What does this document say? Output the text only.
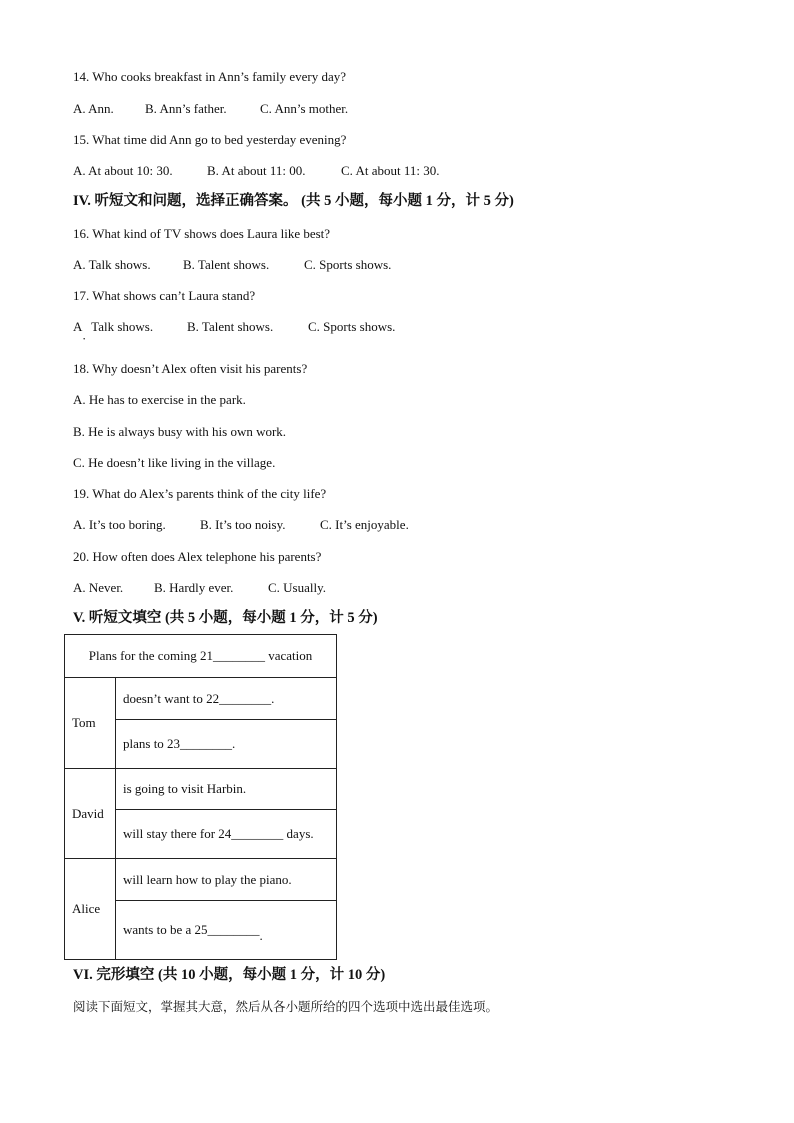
14. Who cooks breakfast in Ann’s family every day?

A. Ann.

B. Ann’s father.

	C. Ann’s mother.

15. What time did Ann go to bed yesterday evening?

A. At about 10: 30.

	B. At about 11: 00.

	C. At about 11: 30.

IV. 听短文和问题，选择正确答案。 (共 5 小题，每小题 1 分，计 5 分)
16. What kind of TV shows does Laura like best?

A. Talk shows.

B. Talent shows.

	C. Sports shows.

17. What shows can’t Laura stand?

A   Talk shows.

	B. Talent shows.

	C. Sports shows.

·
18. Why doesn’t Alex often visit his parents?
A. He has to exercise in the park.
B. He is always busy with his own work.
C. He doesn’t like living in the village.
19. What do Alex’s parents think of the city life?

A. It’s too boring.

	B. It’s too noisy.

	C. It’s enjoyable.

20. How often does Alex telephone his parents?

A. Never.

B. Hardly ever.

	C. Usually.

V. 听短文填空 (共 5 小题，每小题 1 分，计 5 分)
Plans for the coming 21________ vacation	
Tom	doesn’t want to 22________.
	plans to 23________.
David	is going to visit Harbin.
	will stay there for 24________ days.
Alice	will learn how to play the piano.
	wants to be a 25________.
VI. 完形填空 (共 10 小题，每小题 1 分，计 10 分)
阅读下面短文，掌握其大意，然后从各小题所给的四个选项中选出最佳选项。
